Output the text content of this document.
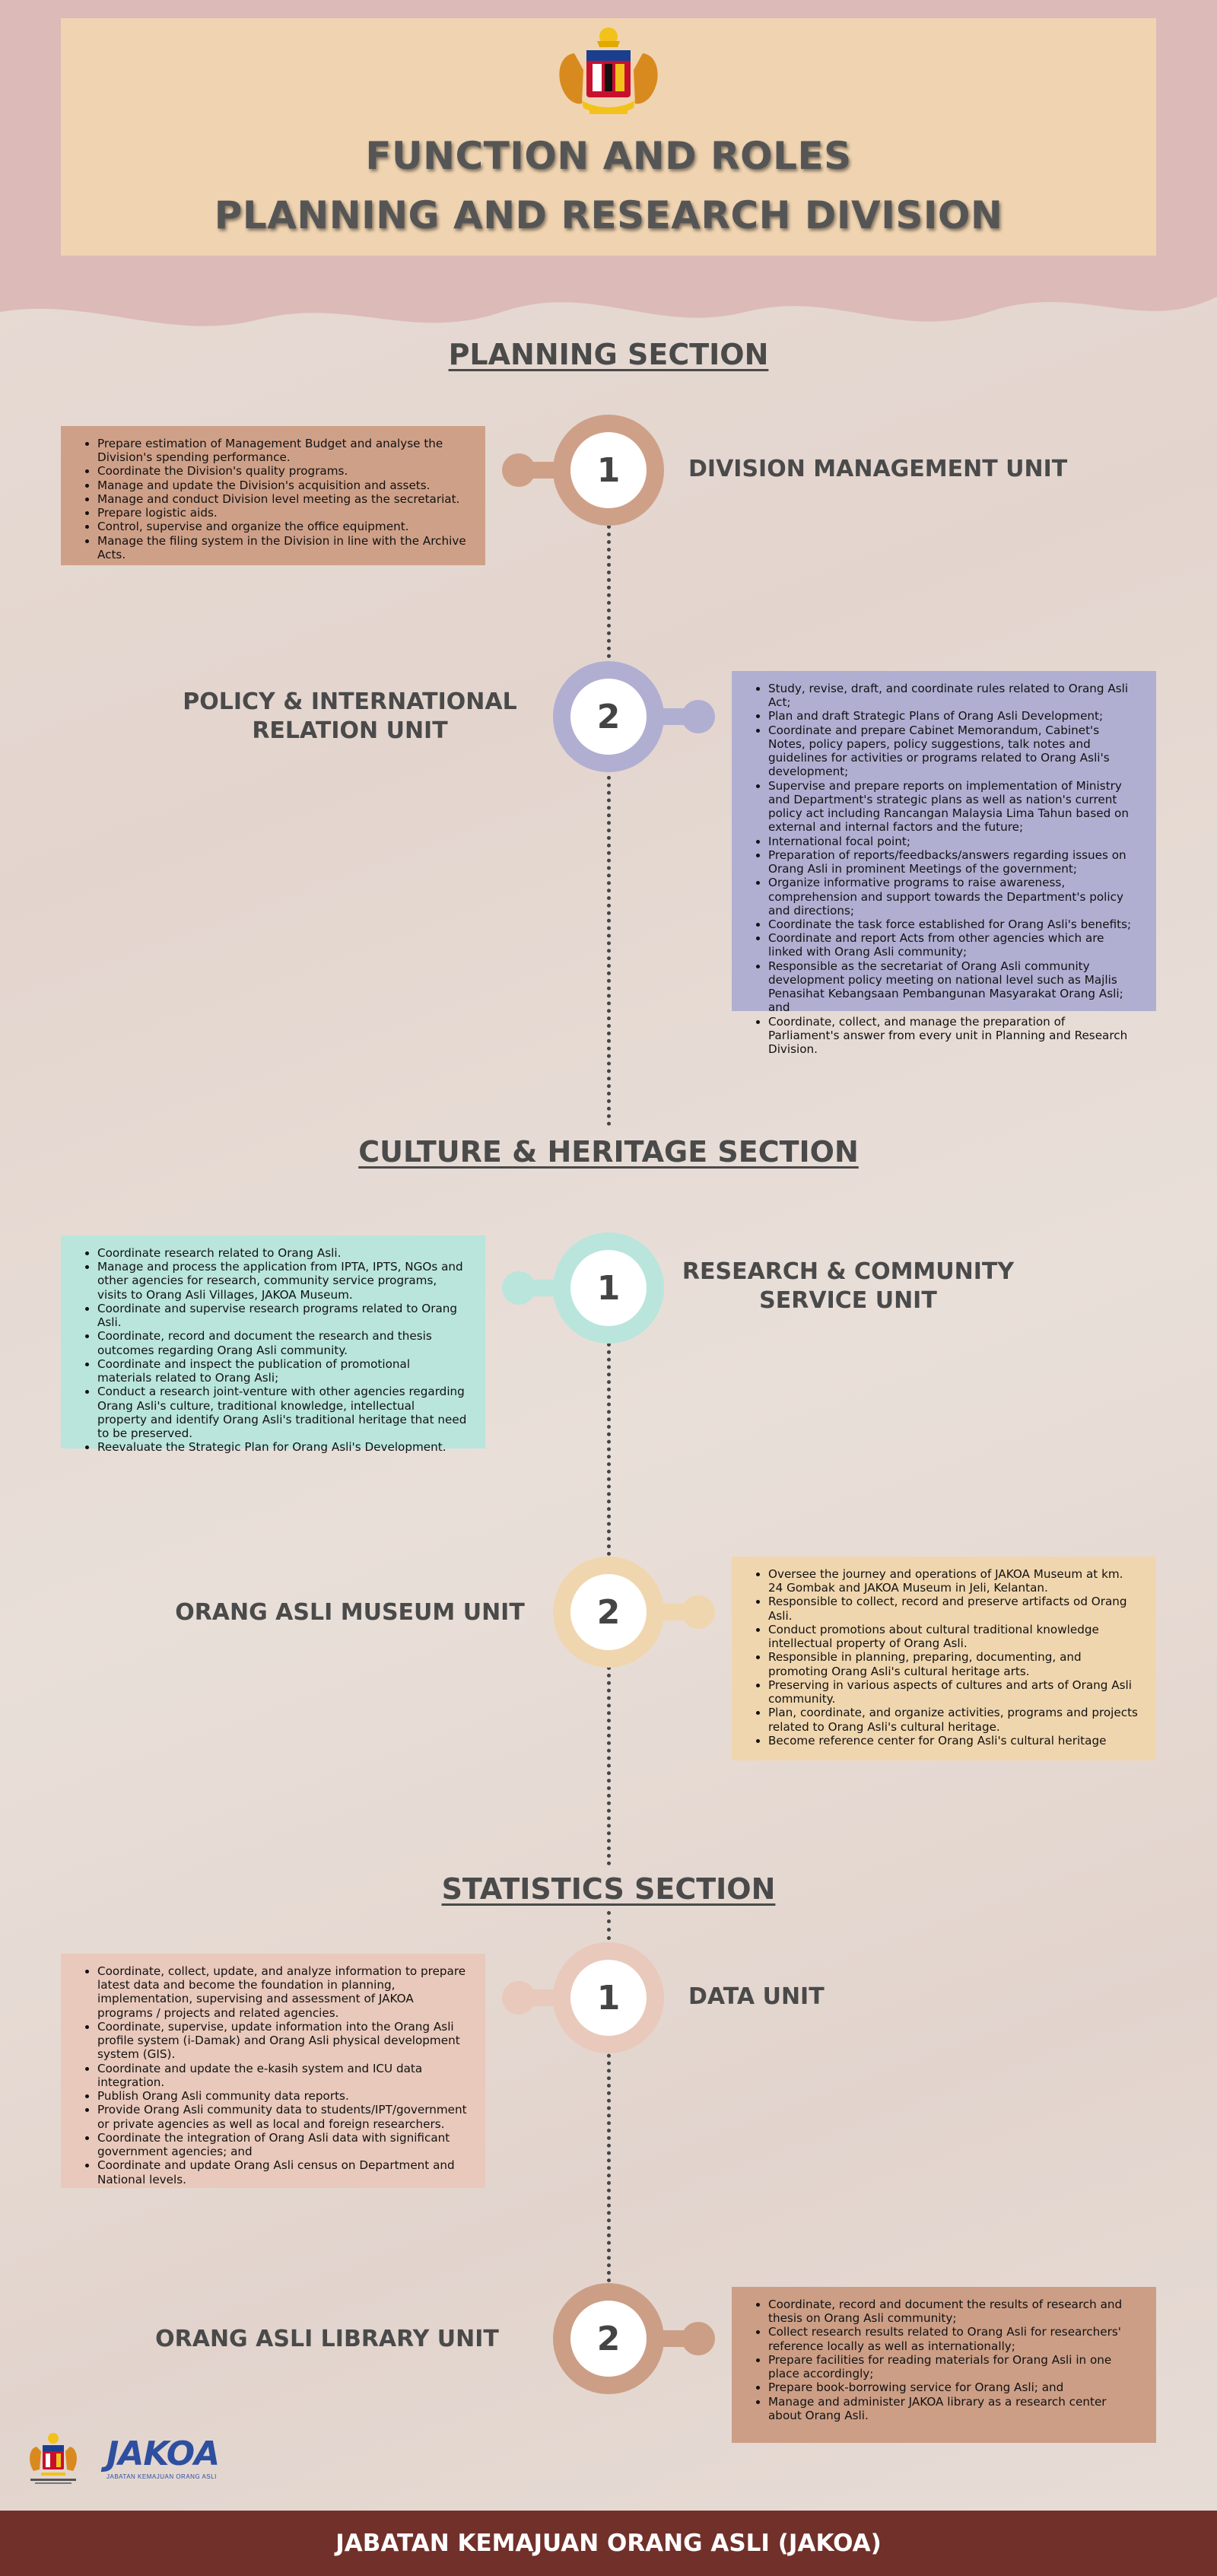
FUNCTION AND ROLES
PLANNING AND RESEARCH DIVISION
PLANNING SECTION
1	DIVISION MANAGEMENT UNIT
• Prepare estimation of Management Budget and analyse the Division's spending performance.
• Coordinate the Division's quality programs.
• Manage and update the Division's acquisition and assets.
• Manage and conduct Division level meeting as the secretariat.
• Prepare logistic aids.
• Control, supervise and organize the office equipment.
• Manage the filing system in the Division in line with the Archive Acts.
2
POLICY & INTERNATIONAL RELATION UNIT
• Study, revise, draft, and coordinate rules related to Orang Asli Act;
• Plan and draft Strategic Plans of Orang Asli Development;
• Coordinate and prepare Cabinet Memorandum, Cabinet's Notes, policy papers, policy suggestions, talk notes and guidelines for activities or programs related to Orang Asli's development;
• Supervise and prepare reports on implementation of Ministry and Department's strategic plans as well as nation's current policy act including Rancangan Malaysia Lima Tahun based on external and internal factors and the future;
• International focal point;
• Preparation of reports/feedbacks/answers regarding issues on Orang Asli in prominent Meetings of the government;
• Organize informative programs to raise awareness, comprehension and support towards the Department's policy and directions;
• Coordinate the task force established for Orang Asli's benefits;
• Coordinate and report Acts from other agencies which are linked with Orang Asli community;
• Responsible as the secretariat of Orang Asli community development policy meeting on national level such as Majlis Penasihat Kebangsaan Pembangunan Masyarakat Orang Asli; and
• Coordinate, collect, and manage the preparation of Parliament's answer from every unit in Planning and Research Division.
CULTURE & HERITAGE SECTION
1	RESEARCH & COMMUNITY SERVICE UNIT
• Coordinate research related to Orang Asli.
• Manage and process the application from IPTA, IPTS, NGOs and other agencies for research, community service programs, visits to Orang Asli Villages, JAKOA Museum.
• Coordinate and supervise research programs related to Orang Asli.
• Coordinate, record and document the research and thesis outcomes regarding Orang Asli community.
• Coordinate and inspect the publication of promotional materials related to Orang Asli;
• Conduct a research joint-venture with other agencies regarding Orang Asli's culture, traditional knowledge, intellectual property and identify Orang Asli's traditional heritage that need to be preserved.
• Reevaluate the Strategic Plan for Orang Asli's Development.
2
ORANG ASLI MUSEUM UNIT
• Oversee the journey and operations of JAKOA Museum at km. 24 Gombak and JAKOA Museum in Jeli, Kelantan.
• Responsible to collect, record and preserve artifacts od Orang Asli.
• Conduct promotions about cultural traditional knowledge intellectual property of Orang Asli.
• Responsible in planning, preparing, documenting, and promoting Orang Asli's cultural heritage arts.
• Preserving in various aspects of cultures and arts of Orang Asli community.
• Plan, coordinate, and organize activities, programs and projects related to Orang Asli's cultural heritage.
• Become reference center for Orang Asli's cultural heritage
STATISTICS SECTION
1	DATA UNIT
• Coordinate, collect, update, and analyze information to prepare latest data and become the foundation in planning, implementation, supervising and assessment of JAKOA programs / projects and related agencies.
• Coordinate, supervise, update information into the Orang Asli profile system (i-Damak) and Orang Asli physical development system (GIS).
• Coordinate and update the e-kasih system and ICU data integration.
• Publish Orang Asli community data reports.
• Provide Orang Asli community data to students/IPT/government or private agencies as well as local and foreign researchers.
• Coordinate the integration of Orang Asli data with significant government agencies; and
• Coordinate and update Orang Asli census on Department and National levels.
2
ORANG ASLI LIBRARY UNIT
• Coordinate, record and document the results of research and thesis on Orang Asli community;
• Collect research results related to Orang Asli for researchers' reference locally as well as internationally;
• Prepare facilities for reading materials for Orang Asli in one place accordingly;
• Prepare book-borrowing service for Orang Asli; and
• Manage and administer JAKOA library as a research center about Orang Asli.
JAKOA
JABATAN KEMAJUAN ORANG ASLI
JABATAN KEMAJUAN ORANG ASLI (JAKOA)
